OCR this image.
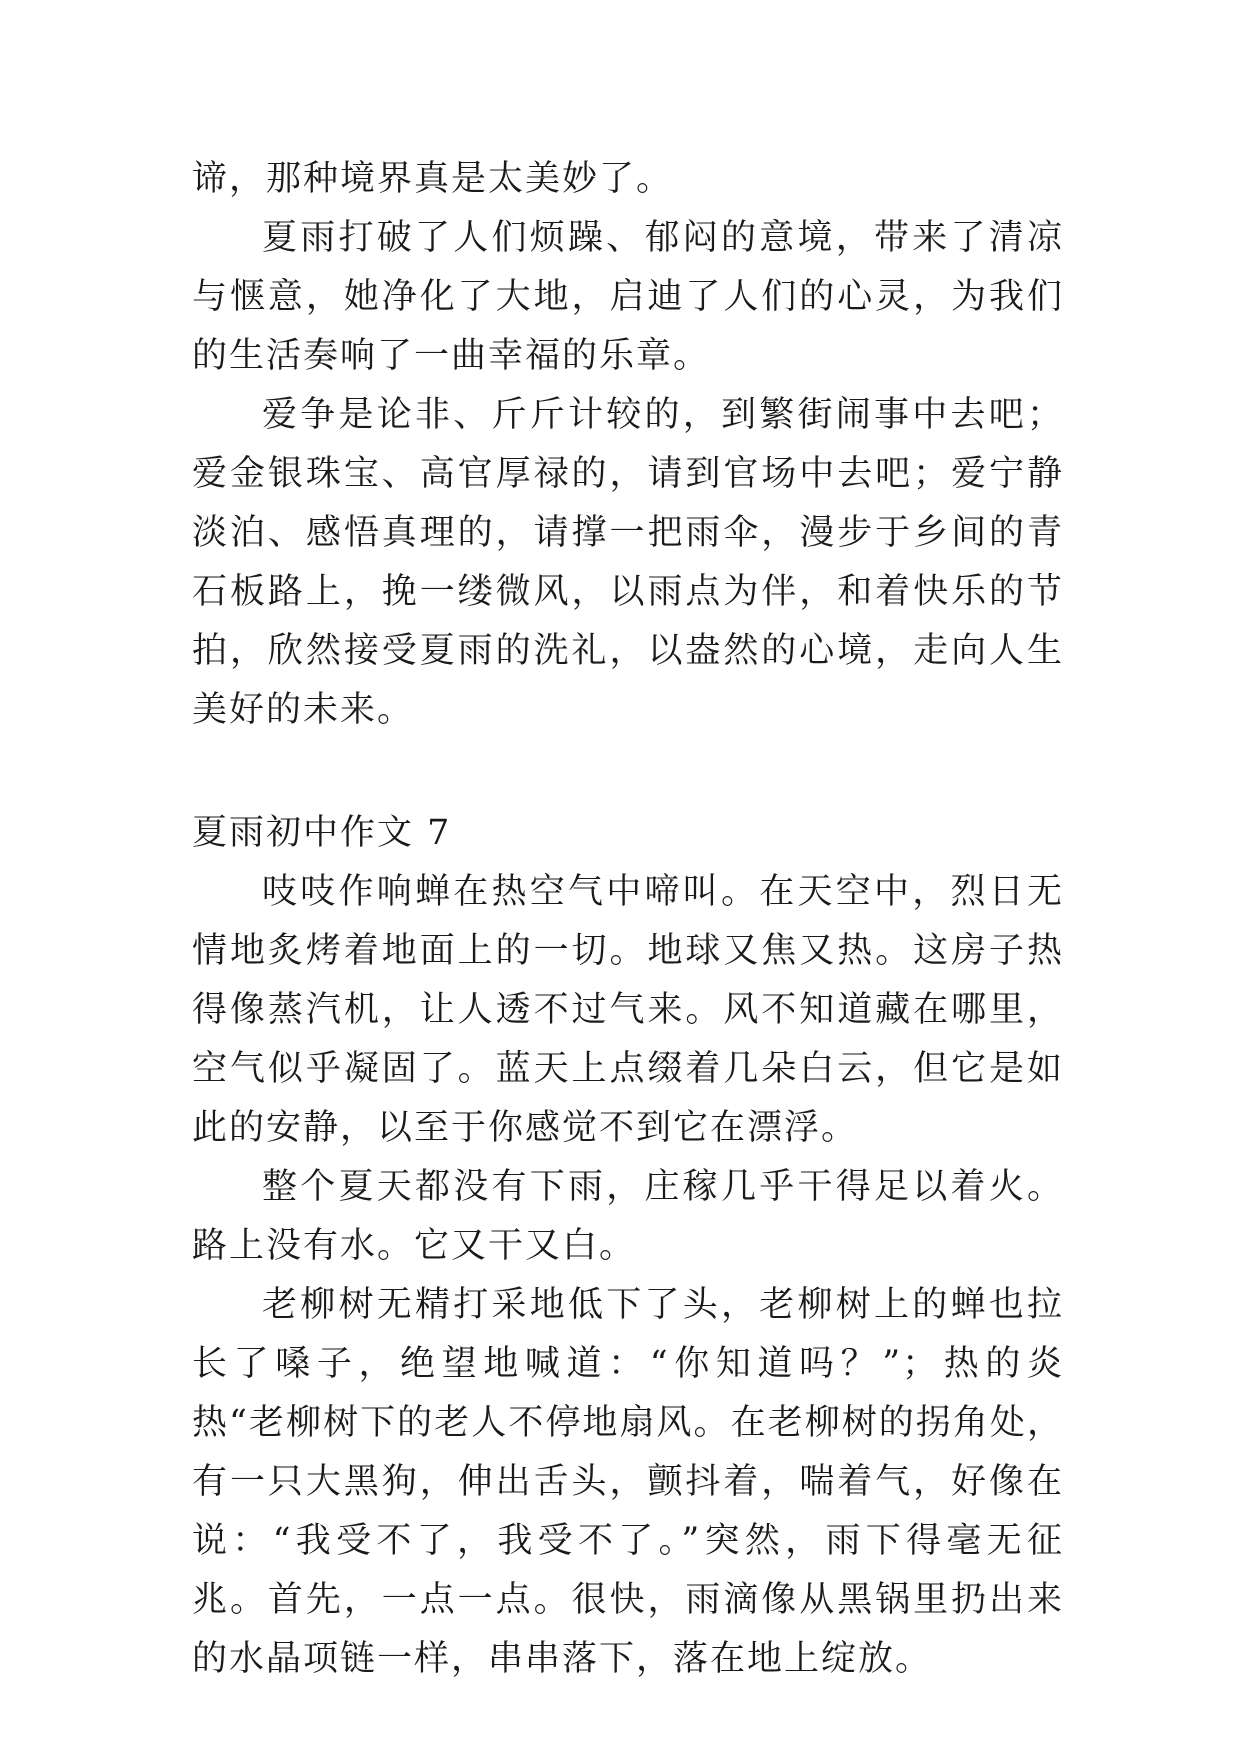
谛，那种境界真是太美妙了。

夏雨打破了人们烦躁、郁闷的意境，带来了清凉与惬意，她净化了大地，启迪了人们的心灵，为我们的生活奏响了一曲幸福的乐章。

爱争是论非、斤斤计较的，到繁街闹事中去吧；爱金银珠宝、高官厚禄的，请到官场中去吧；爱宁静淡泊、感悟真理的，请撑一把雨伞，漫步于乡间的青石板路上，挽一缕微风，以雨点为伴，和着快乐的节拍，欣然接受夏雨的洗礼，以盎然的心境，走向人生美好的未来。

夏雨初中作文 7

吱吱作响蝉在热空气中啼叫。在天空中，烈日无情地炙烤着地面上的一切。地球又焦又热。这房子热得像蒸汽机，让人透不过气来。风不知道藏在哪里，空气似乎凝固了。蓝天上点缀着几朵白云，但它是如此的安静，以至于你感觉不到它在漂浮。

整个夏天都没有下雨，庄稼几乎干得足以着火。路上没有水。它又干又白。

老柳树无精打采地低下了头，老柳树上的蝉也拉长了嗓子，绝望地喊道：“你知道吗？”；热的炎热“老柳树下的老人不停地扇风。在老柳树的拐角处，有一只大黑狗，伸出舌头，颤抖着，喘着气，好像在说：“我受不了，我受不了。”突然，雨下得毫无征兆。首先，一点一点。很快，雨滴像从黑锅里扔出来的水晶项链一样，串串落下，落在地上绽放。
